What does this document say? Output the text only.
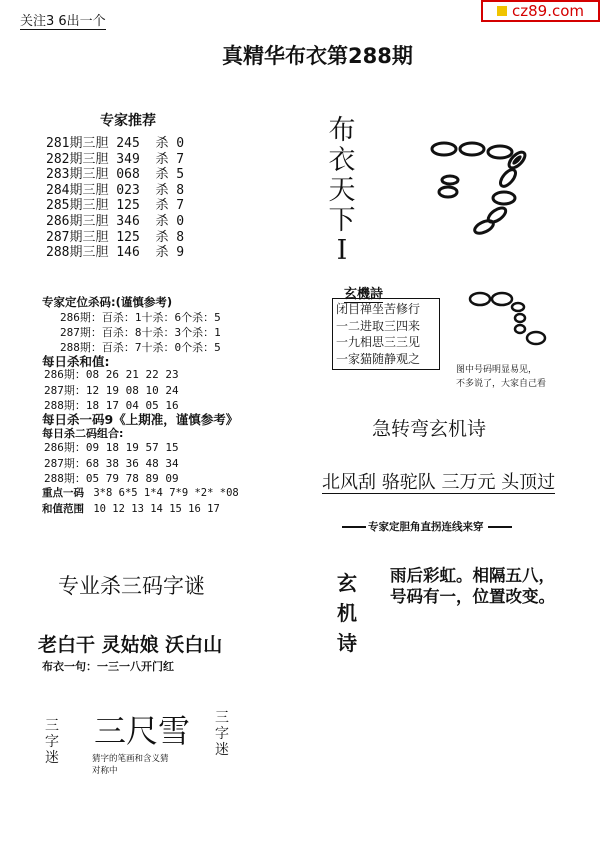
关注3 6出一个
cz89.com
真精华布衣第288期
专家推荐
281期三胆 245  杀 0
282期三胆 349  杀 7
283期三胆 068  杀 5
284期三胆 023  杀 8
285期三胆 125  杀 7
286期三胆 346  杀 0
287期三胆 125  杀 8
288期三胆 146  杀 9
专家定位杀码:(谨慎参考)
286期：百杀：1十杀：6个杀：5
287期：百杀：8十杀：3个杀：1
288期：百杀：7十杀：0个杀：5
每日杀和值:
286期：08 26 21 22 23
287期：12 19 08 10 24
288期：18 17 04 05 16
每日杀一码9《上期准，谨慎参考》
每日杀二码组合:
286期：09 18 19 57 15
287期：68 38 36 48 34
288期：05 79 78 89 09
重点一码 3*8 6*5 1*4 7*9 *2* *08
和值范围 10 12 13 14 15 16 17
专业杀三码字谜
老白干 灵姑娘 沃白山
布衣一句：一三一八开门红
三
字
迷
三尺雪
猜字的笔画和含义猜
对称中
三
字
迷
布
衣
天
下
I
玄機詩
闭目禅坐苦修行
一二进取三四来
一九相思三三见
一家猫随静观之
图中号码明显易见，
不多说了，大家自己看
急转弯玄机诗
北风刮 骆驼队 三万元 头顶过
专家定胆角直拐连线来穿
玄
机
诗
雨后彩虹。相隔五八，
号码有一，位置改变。
